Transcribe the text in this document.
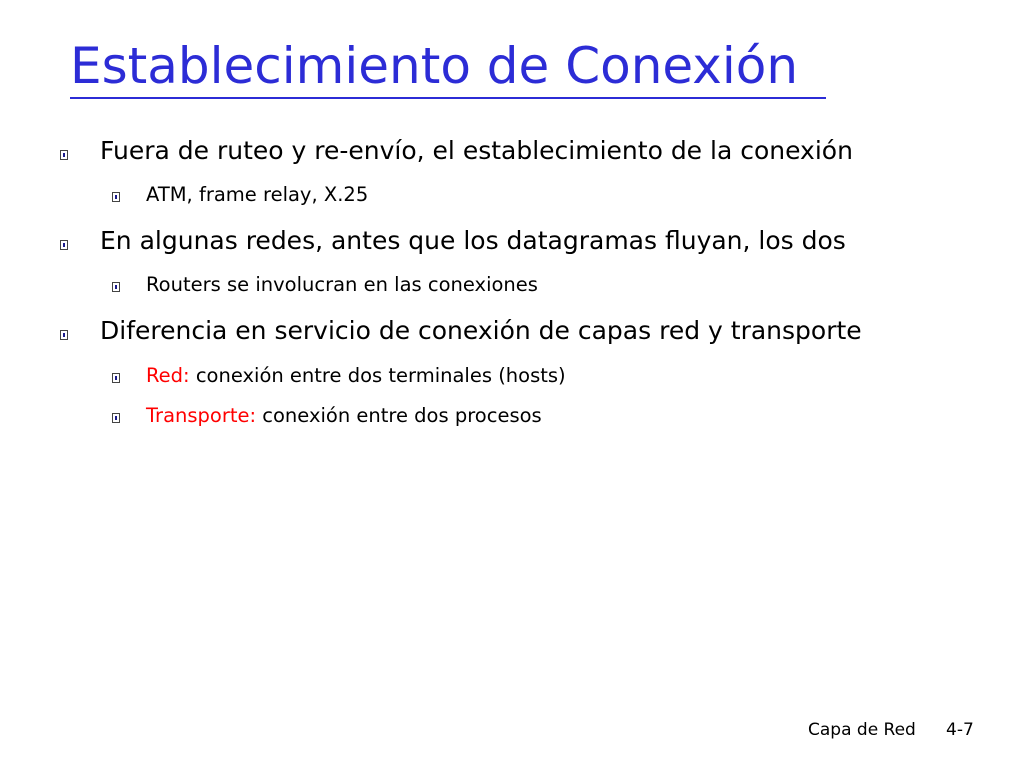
Establecimiento de Conexión
Fuera de ruteo y re-envío, el establecimiento de la conexión
ATM, frame relay, X.25
En algunas redes, antes que los datagramas fluyan, los dos
Routers se involucran en las conexiones
Diferencia en servicio de conexión de capas red y transporte
Red: conexión entre dos terminales (hosts)
Transporte: conexión entre dos procesos
Capa de Red 4-7
